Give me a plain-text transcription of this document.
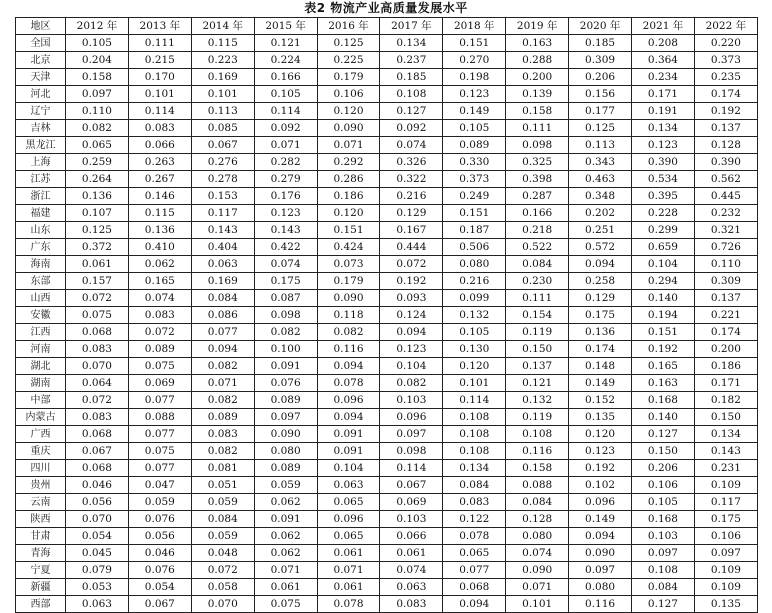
表2 物流产业高质量发展水平
地区	2012 年	2013 年	2014 年	2015 年	2016 年	2017 年	2018 年	2019 年	2020 年	2021 年	2022 年
全国	0.105	0.111	0.115	0.121	0.125	0.134	0.151	0.163	0.185	0.208	0.220
北京	0.204	0.215	0.223	0.224	0.225	0.237	0.270	0.288	0.309	0.364	0.373
天津	0.158	0.170	0.169	0.166	0.179	0.185	0.198	0.200	0.206	0.234	0.235
河北	0.097	0.101	0.101	0.105	0.106	0.108	0.123	0.139	0.156	0.171	0.174
辽宁	0.110	0.114	0.113	0.114	0.120	0.127	0.149	0.158	0.177	0.191	0.192
吉林	0.082	0.083	0.085	0.092	0.090	0.092	0.105	0.111	0.125	0.134	0.137
黑龙江	0.065	0.066	0.067	0.071	0.071	0.074	0.089	0.098	0.113	0.123	0.128
上海	0.259	0.263	0.276	0.282	0.292	0.326	0.330	0.325	0.343	0.390	0.390
江苏	0.264	0.267	0.278	0.279	0.286	0.322	0.373	0.398	0.463	0.534	0.562
浙江	0.136	0.146	0.153	0.176	0.186	0.216	0.249	0.287	0.348	0.395	0.445
福建	0.107	0.115	0.117	0.123	0.120	0.129	0.151	0.166	0.202	0.228	0.232
山东	0.125	0.136	0.143	0.143	0.151	0.167	0.187	0.218	0.251	0.299	0.321
广东	0.372	0.410	0.404	0.422	0.424	0.444	0.506	0.522	0.572	0.659	0.726
海南	0.061	0.062	0.063	0.074	0.073	0.072	0.080	0.084	0.094	0.104	0.110
东部	0.157	0.165	0.169	0.175	0.179	0.192	0.216	0.230	0.258	0.294	0.309
山西	0.072	0.074	0.084	0.087	0.090	0.093	0.099	0.111	0.129	0.140	0.137
安徽	0.075	0.083	0.086	0.098	0.118	0.124	0.132	0.154	0.175	0.194	0.221
江西	0.068	0.072	0.077	0.082	0.082	0.094	0.105	0.119	0.136	0.151	0.174
河南	0.083	0.089	0.094	0.100	0.116	0.123	0.130	0.150	0.174	0.192	0.200
湖北	0.070	0.075	0.082	0.091	0.094	0.104	0.120	0.137	0.148	0.165	0.186
湖南	0.064	0.069	0.071	0.076	0.078	0.082	0.101	0.121	0.149	0.163	0.171
中部	0.072	0.077	0.082	0.089	0.096	0.103	0.114	0.132	0.152	0.168	0.182
内蒙古	0.083	0.088	0.089	0.097	0.094	0.096	0.108	0.119	0.135	0.140	0.150
广西	0.068	0.077	0.083	0.090	0.091	0.097	0.108	0.108	0.120	0.127	0.134
重庆	0.067	0.075	0.082	0.080	0.091	0.098	0.108	0.116	0.123	0.150	0.143
四川	0.068	0.077	0.081	0.089	0.104	0.114	0.134	0.158	0.192	0.206	0.231
贵州	0.046	0.047	0.051	0.059	0.063	0.067	0.084	0.088	0.102	0.106	0.109
云南	0.056	0.059	0.059	0.062	0.065	0.069	0.083	0.084	0.096	0.105	0.117
陕西	0.070	0.076	0.084	0.091	0.096	0.103	0.122	0.128	0.149	0.168	0.175
甘肃	0.054	0.056	0.059	0.062	0.065	0.066	0.078	0.080	0.094	0.103	0.106
青海	0.045	0.046	0.048	0.062	0.061	0.061	0.065	0.074	0.090	0.097	0.097
宁夏	0.079	0.076	0.072	0.071	0.071	0.074	0.077	0.090	0.097	0.108	0.109
新疆	0.053	0.054	0.058	0.061	0.061	0.063	0.068	0.071	0.080	0.084	0.109
西部	0.063	0.067	0.070	0.075	0.078	0.083	0.094	0.101	0.116	0.127	0.135
